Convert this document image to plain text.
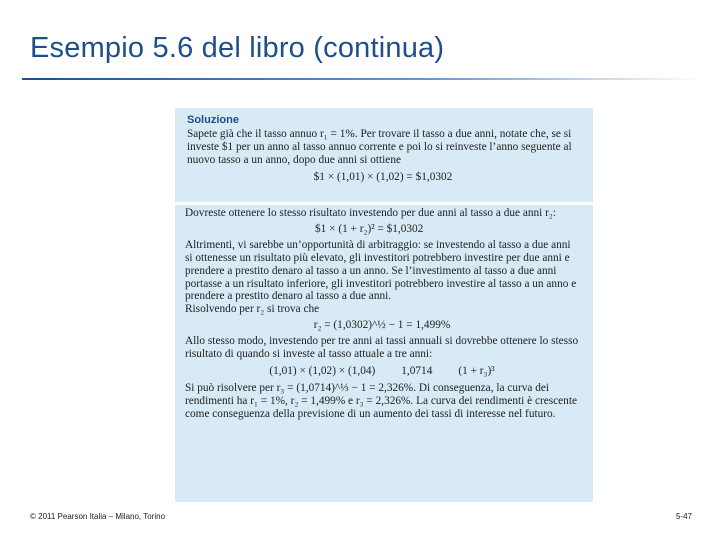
Esempio 5.6 del libro (continua)
Soluzione

Sapete già che il tasso annuo r₁ = 1%. Per trovare il tasso a due anni, notate che, se si investe $1 per un anno al tasso annuo corrente e poi lo si reinveste l’anno seguente al nuovo tasso a un anno, dopo due anni si ottiene

$1 × (1,01) × (1,02) = $1,0302

Dovreste ottenere lo stesso risultato investendo per due anni al tasso a due anni r₂:

$1 × (1 + r₂)² = $1,0302

Altrimenti, vi sarebbe un’opportunità di arbitraggio: se investendo al tasso a due anni si ottenesse un risultato più elevato, gli investitori potrebbero investire per due anni e prendere a prestito denaro al tasso a un anno. Se l’investimento al tasso a due anni portasse a un risultato inferiore, gli investitori potrebbero investire al tasso a un anno e prendere a prestito denaro al tasso a due anni.

Risolvendo per r₂ si trova che

r₂ = (1,0302)^½ − 1 = 1,499%

Allo stesso modo, investendo per tre anni ai tassi annuali si dovrebbe ottenere lo stesso risultato di quando si investe al tasso attuale a tre anni:

(1,01) × (1,02) × (1,04) 1,0714 (1 + r₃)³

Si può risolvere per r₃ = (1,0714)^⅓ − 1 = 2,326%. Di conseguenza, la curva dei rendimenti ha r₁ = 1%, r₂ = 1,499% e r₃ = 2,326%. La curva dei rendimenti è crescente come conseguenza della previsione di un aumento dei tassi di interesse nel futuro.

© 2011 Pearson Italia – Milano, Torino	5-47
